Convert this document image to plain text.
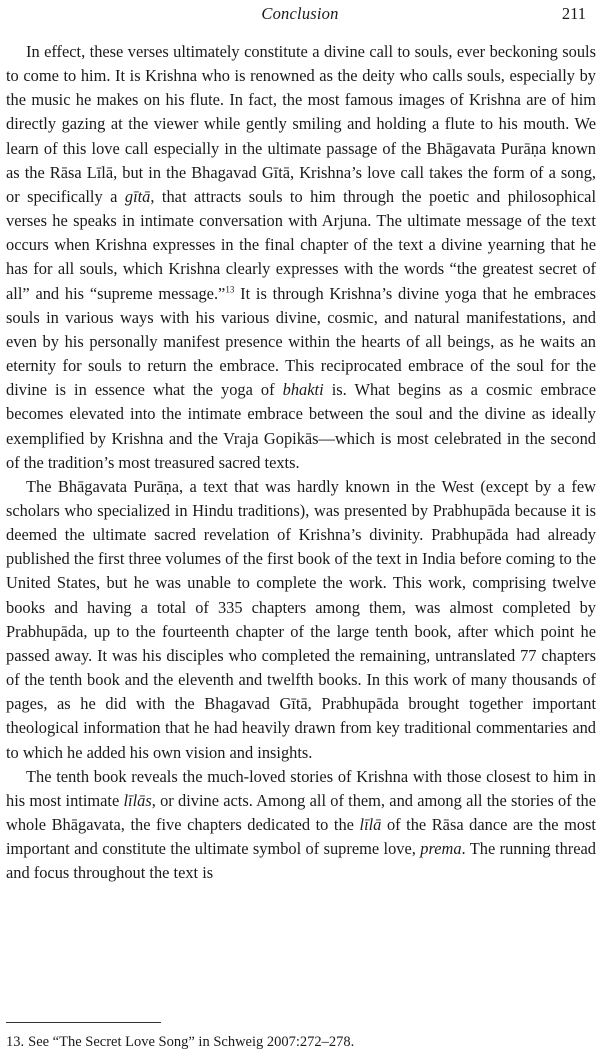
Conclusion	211

In effect, these verses ultimately constitute a divine call to souls, ever beckoning souls to come to him. It is Krishna who is renowned as the deity who calls souls, especially by the music he makes on his flute. In fact, the most famous images of Krishna are of him directly gazing at the viewer while gently smiling and holding a flute to his mouth. We learn of this love call especially in the ultimate passage of the Bhāgavata Purāṇa known as the Rāsa Līlā, but in the Bhagavad Gītā, Krishna’s love call takes the form of a song, or specifically a gītā, that attracts souls to him through the poetic and philosophical verses he speaks in intimate conversation with Arjuna. The ultimate message of the text occurs when Krishna expresses in the final chapter of the text a divine yearning that he has for all souls, which Krishna clearly expresses with the words “the greatest secret of all” and his “supreme message.”$^{13}$ It is through Krishna’s divine yoga that he embraces souls in various ways with his various divine, cosmic, and natural manifestations, and even by his personally manifest presence within the hearts of all beings, as he waits an eternity for souls to return the embrace. This reciprocated embrace of the soul for the divine is in essence what the yoga of bhakti is. What begins as a cosmic embrace becomes elevated into the intimate embrace between the soul and the divine as ideally exemplified by Krishna and the Vraja Gopikās—which is most celebrated in the second of the tradition’s most treasured sacred texts.

The Bhāgavata Purāṇa, a text that was hardly known in the West (except by a few scholars who specialized in Hindu traditions), was presented by Prabhupāda because it is deemed the ultimate sacred revelation of Krishna’s divinity. Prabhupāda had already published the first three volumes of the first book of the text in India before coming to the United States, but he was unable to complete the work. This work, comprising twelve books and having a total of 335 chapters among them, was almost completed by Prabhupāda, up to the fourteenth chapter of the large tenth book, after which point he passed away. It was his disciples who completed the remaining, untranslated 77 chapters of the tenth book and the eleventh and twelfth books. In this work of many thousands of pages, as he did with the Bhagavad Gītā, Prabhupāda brought together important theological information that he had heavily drawn from key traditional commentaries and to which he added his own vision and insights.

The tenth book reveals the much-loved stories of Krishna with those closest to him in his most intimate līlās, or divine acts. Among all of them, and among all the stories of the whole Bhāgavata, the five chapters dedicated to the līlā of the Rāsa dance are the most important and constitute the ultimate symbol of supreme love, prema. The running thread and focus throughout the text is

13. See “The Secret Love Song” in Schweig 2007:272–278.
